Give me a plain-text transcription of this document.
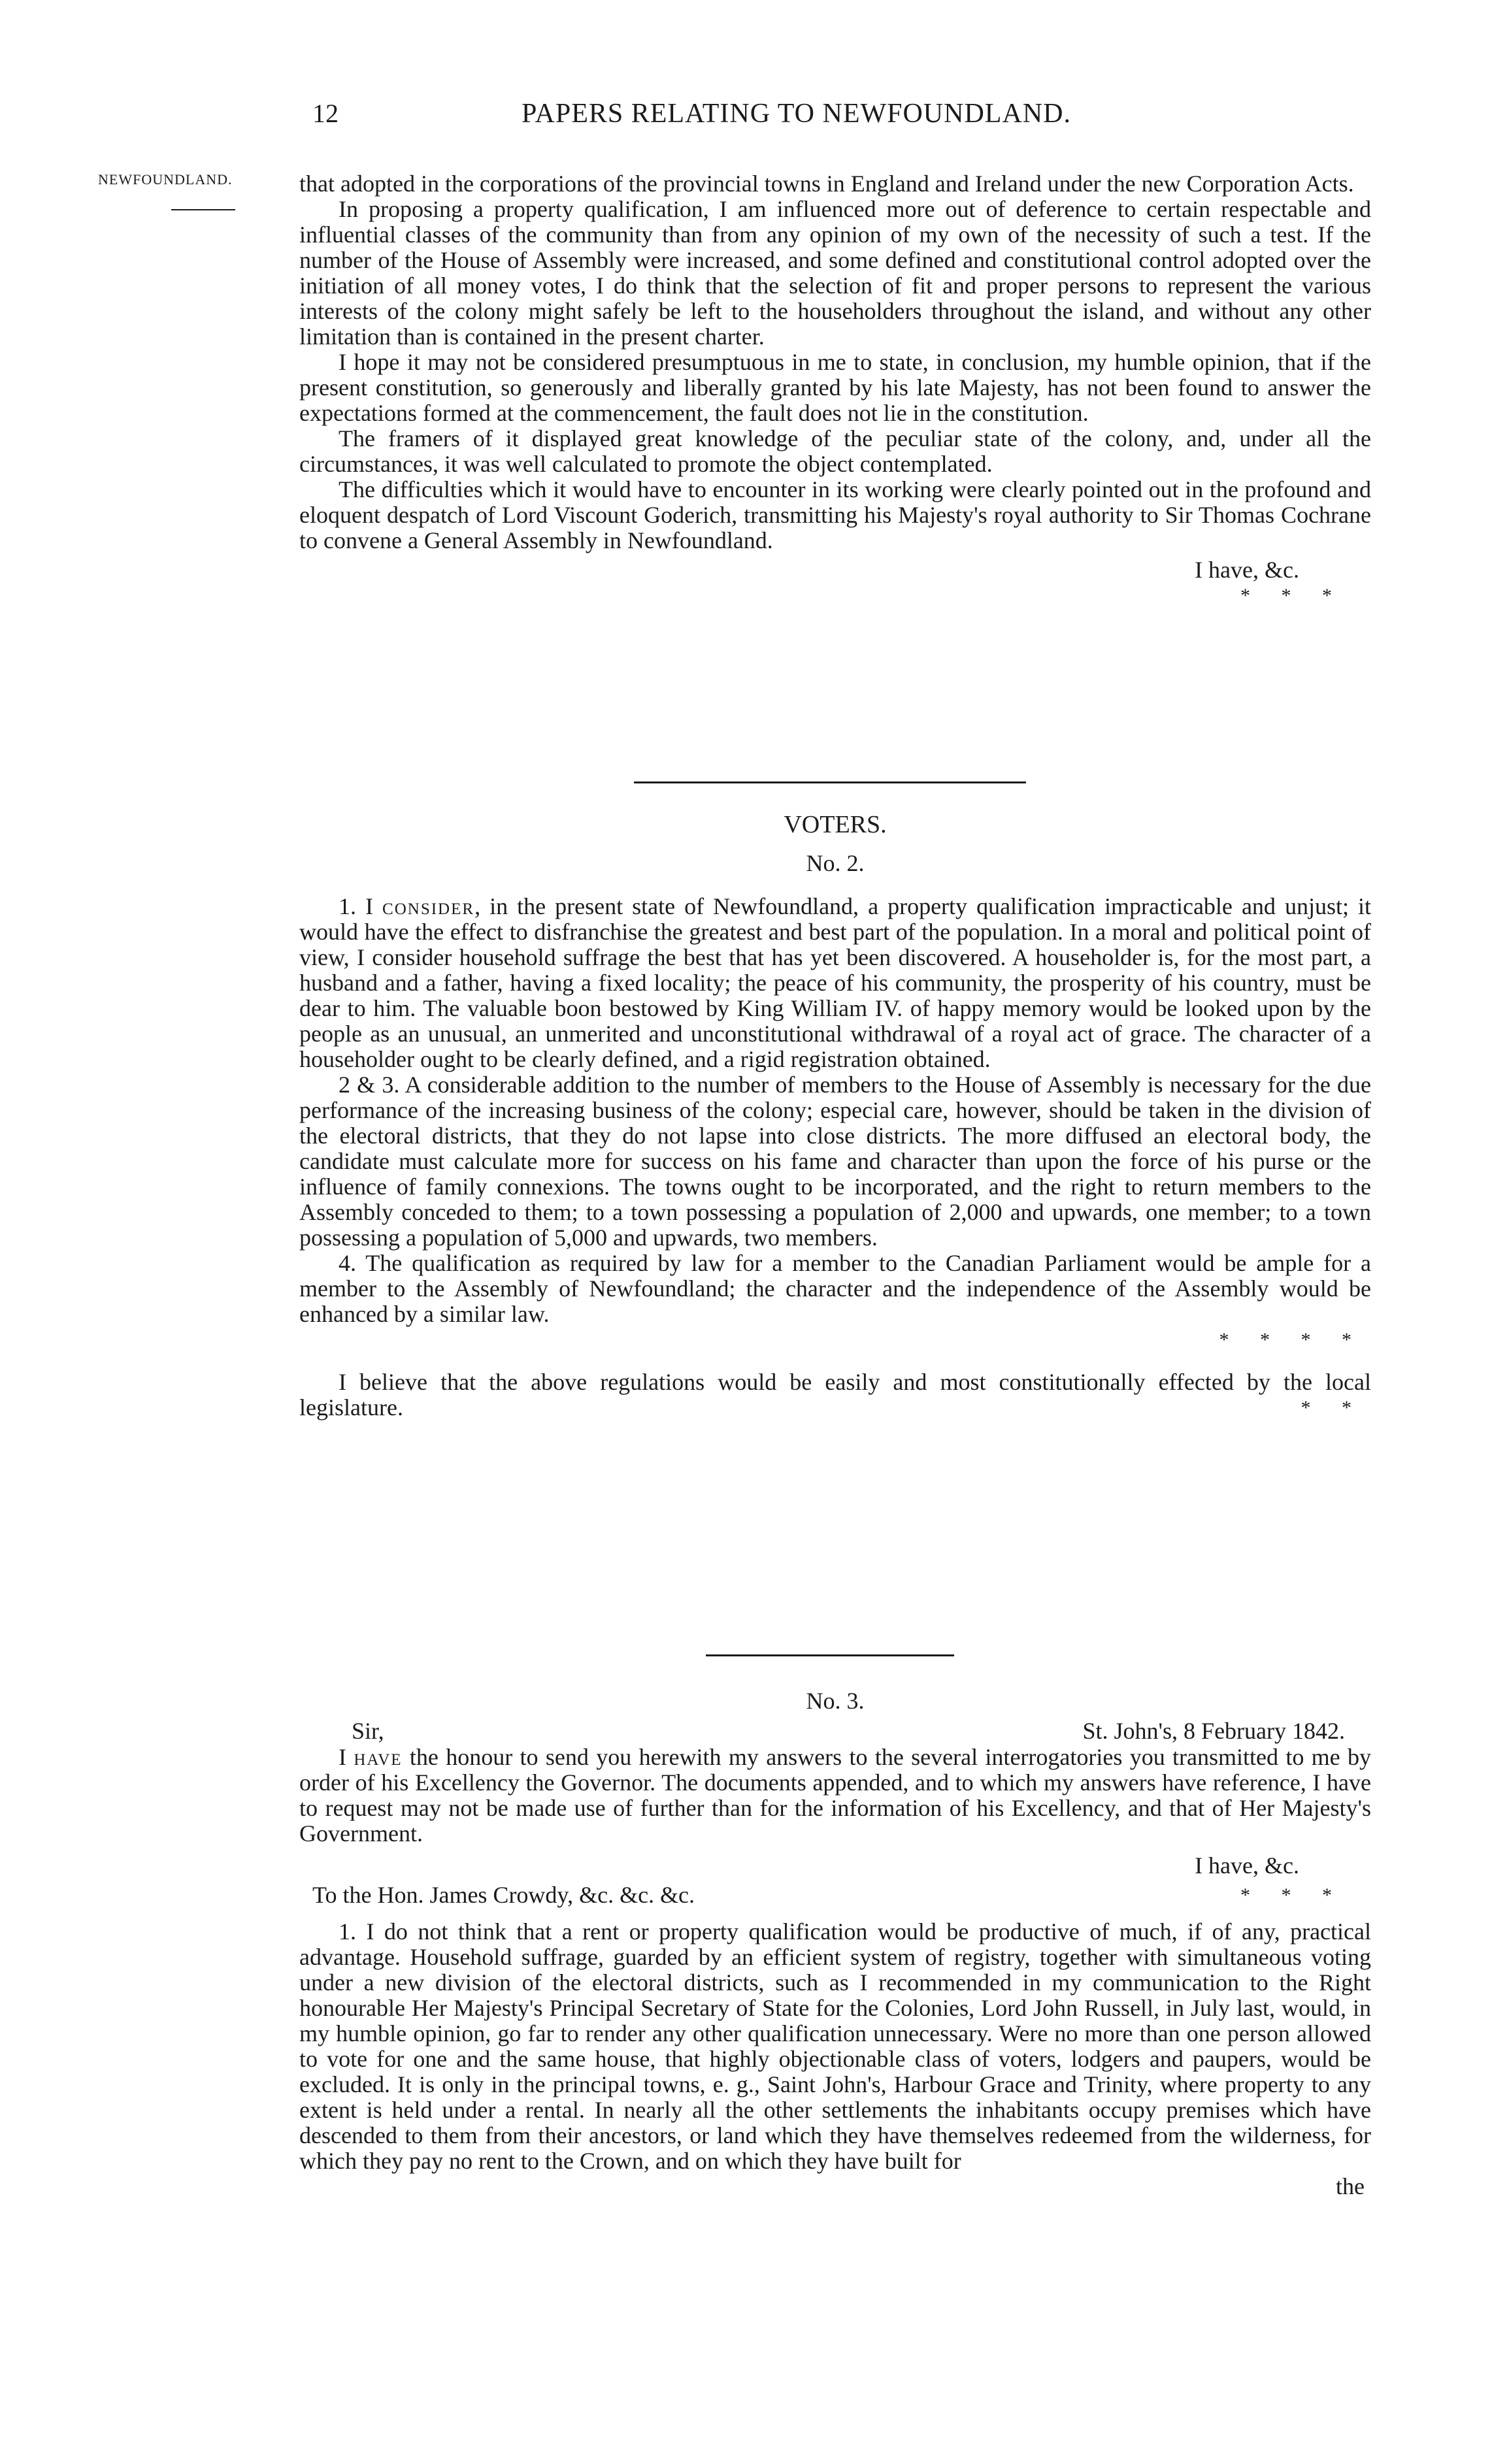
12	PAPERS RELATING TO NEWFOUNDLAND.
NEWFOUNDLAND.	that adopted in the corporations of the provincial towns in England and Ireland under the new Corporation Acts.

In proposing a property qualification, I am influenced more out of deference to certain respectable and influential classes of the community than from any opinion of my own of the necessity of such a test. If the number of the House of Assembly were increased, and some defined and constitutional control adopted over the initiation of all money votes, I do think that the selection of fit and proper persons to represent the various interests of the colony might safely be left to the householders throughout the island, and without any other limitation than is contained in the present charter.

I hope it may not be considered presumptuous in me to state, in conclusion, my humble opinion, that if the present constitution, so generously and liberally granted by his late Majesty, has not been found to answer the expectations formed at the commencement, the fault does not lie in the constitution.

The framers of it displayed great knowledge of the peculiar state of the colony, and, under all the circumstances, it was well calculated to promote the object contemplated.

The difficulties which it would have to encounter in its working were clearly pointed out in the profound and eloquent despatch of Lord Viscount Goderich, transmitting his Majesty's royal authority to Sir Thomas Cochrane to convene a General Assembly in Newfoundland.

I have, &c.
* * *
VOTERS.
No. 2.

1. I consider, in the present state of Newfoundland, a property qualification impracticable and unjust; it would have the effect to disfranchise the greatest and best part of the population. In a moral and political point of view, I consider household suffrage the best that has yet been discovered. A householder is, for the most part, a husband and a father, having a fixed locality; the peace of his community, the prosperity of his country, must be dear to him. The valuable boon bestowed by King William IV. of happy memory would be looked upon by the people as an unusual, an unmerited and unconstitutional withdrawal of a royal act of grace. The character of a householder ought to be clearly defined, and a rigid registration obtained.

2 & 3. A considerable addition to the number of members to the House of Assembly is necessary for the due performance of the increasing business of the colony; especial care, however, should be taken in the division of the electoral districts, that they do not lapse into close districts. The more diffused an electoral body, the candidate must calculate more for success on his fame and character than upon the force of his purse or the influence of family connexions. The towns ought to be incorporated, and the right to return members to the Assembly conceded to them; to a town possessing a population of 2,000 and upwards, one member; to a town possessing a population of 5,000 and upwards, two members.

4. The qualification as required by law for a member to the Canadian Parliament would be ample for a member to the Assembly of Newfoundland; the character and the independence of the Assembly would be enhanced by a similar law.

* * * *

I believe that the above regulations would be easily and most constitutionally effected by the local legislature.	* *
No. 3.
Sir,	St. John's, 8 February 1842.

I have the honour to send you herewith my answers to the several interrogatories you transmitted to me by order of his Excellency the Governor. The documents appended, and to which my answers have reference, I have to request may not be made use of further than for the information of his Excellency, and that of Her Majesty's Government.

I have, &c.
To the Hon. James Crowdy, &c. &c. &c.	* * *

1. I do not think that a rent or property qualification would be productive of much, if of any, practical advantage. Household suffrage, guarded by an efficient system of registry, together with simultaneous voting under a new division of the electoral districts, such as I recommended in my communication to the Right honourable Her Majesty's Principal Secretary of State for the Colonies, Lord John Russell, in July last, would, in my humble opinion, go far to render any other qualification unnecessary. Were no more than one person allowed to vote for one and the same house, that highly objectionable class of voters, lodgers and paupers, would be excluded. It is only in the principal towns, e. g., Saint John's, Harbour Grace and Trinity, where property to any extent is held under a rental. In nearly all the other settlements the inhabitants occupy premises which have descended to them from their ancestors, or land which they have themselves redeemed from the wilderness, for which they pay no rent to the Crown, and on which they have built for

the
